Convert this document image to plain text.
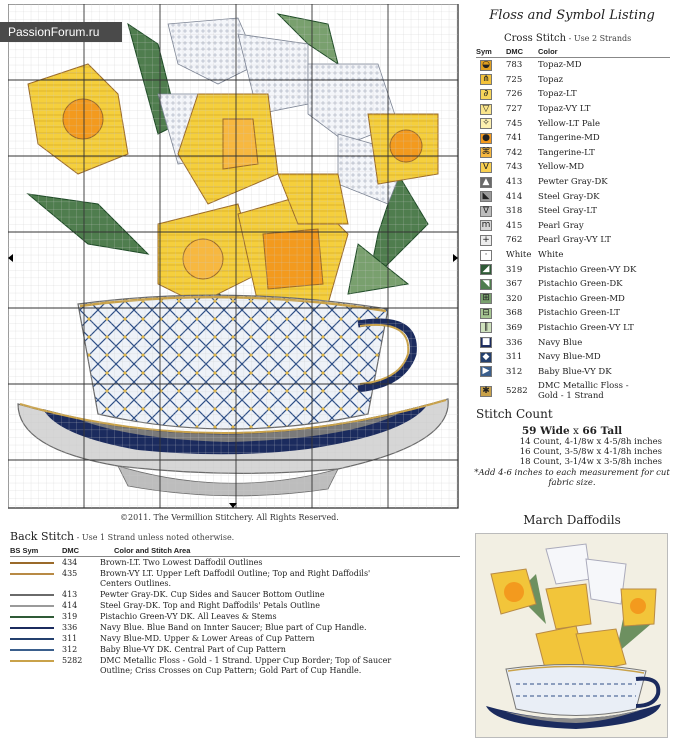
PassionForum.ru
©2011. The Vermillion Stitchery. All Rights Reserved.
Floss and Symbol Listing
Cross Stitch - Use 2 Strands
Sym	DMC	Color
◒ 783	Topaz-MD
⋔ 725	Topaz
∂	726	Topaz-LT
▽ 727	Topaz-VY LT
✧ 745	Yellow-LT Pale
● 741	Tangerine-MD
⌘ 742	Tangerine-LT
V	743	Yellow-MD
▲ 413	Pewter Gray-DK
◣ 414	Steel Gray-DK
∇	318	Steel Gray-LT
m 415	Pearl Gray
+ 762	Pearl Gray-VY LT
·	White White
◢ 319	Pistachio Green-VY DK
◥ 367	Pistachio Green-DK
⊞ 320	Pistachio Green-MD
⊟ 368	Pistachio Green-LT
∥	369	Pistachio Green-VY LT
■ 336	Navy Blue
◆ 311	Navy Blue-MD
▶ 312	Baby Blue-VY DK
✱ 5282	DMC Metallic Floss - Gold - 1 Strand
Stitch Count
59 Wide x 66 Tall
14 Count, 4-1/8w x 4-5/8h inches
16 Count, 3-5/8w x 4-1/8h inches
18 Count, 3-1/4w x 3-5/8h inches
*Add 4-6 inches to each measurement for cut fabric size.
March Daffodils
Back Stitch - Use 1 Strand unless noted otherwise.
BS Sym	DMC	Color and Stitch Area
434	Brown-LT. Two Lowest Daffodil Outlines
435	Brown-VY LT. Upper Left Daffodil Outline; Top and Right Daffodils' Centers Outlines.
413	Pewter Gray-DK. Cup Sides and Saucer Bottom Outline
414	Steel Gray-DK. Top and Right Daffodils' Petals Outline
319	Pistachio Green-VY DK. All Leaves & Stems
336	Navy Blue. Blue Band on Innter Saucer; Blue part of Cup Handle.
311	Navy Blue-MD. Upper & Lower Areas of Cup Pattern
312	Baby Blue-VY DK. Central Part of Cup Pattern
5282	DMC Metallic Floss - Gold - 1 Strand. Upper Cup Border; Top of Saucer Outline; Criss Crosses on Cup Pattern; Gold Part of Cup Handle.
